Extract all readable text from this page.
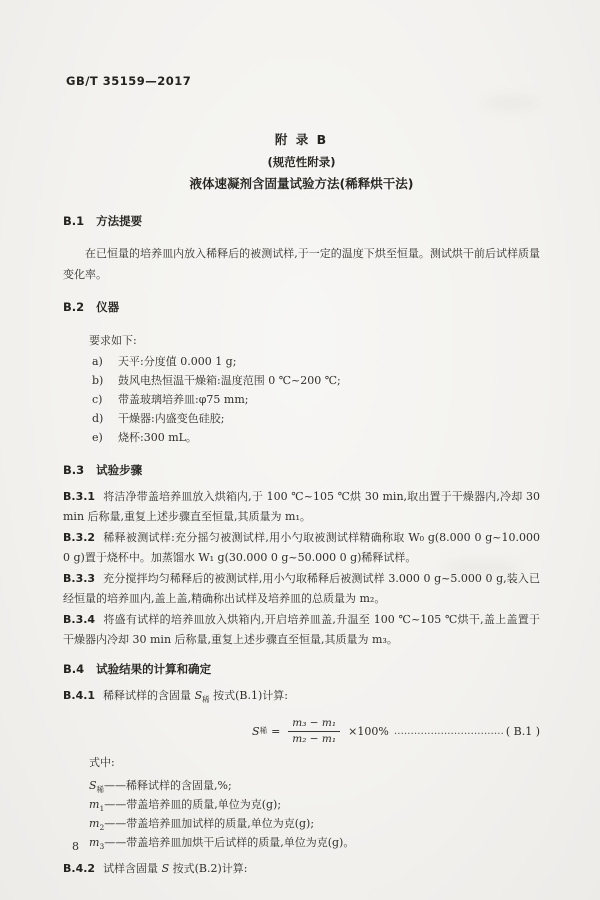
GB/T 35159—2017
附 录 B
(规范性附录)
液体速凝剂含固量试验方法(稀释烘干法)
B.1 方法提要

在已恒量的培养皿内放入稀释后的被测试样,于一定的温度下烘至恒量。测试烘干前后试样质量变化率。

B.2 仪器

要求如下:

a)	天平:分度值 0.000 1 g;
b)	鼓风电热恒温干燥箱:温度范围 0 ℃~200 ℃;
c)	带盖玻璃培养皿:φ75 mm;
d)	干燥器:内盛变色硅胶;
e)	烧杯:300 mL。
B.3 试验步骤

B.3.1 将洁净带盖培养皿放入烘箱内,于 100 ℃~105 ℃烘 30 min,取出置于干燥器内,冷却 30 min 后称量,重复上述步骤直至恒量,其质量为 m₁。

B.3.2 稀释被测试样:充分摇匀被测试样,用小勺取被测试样精确称取 W₀ g(8.000 0 g~10.000 0 g)置于烧杯中。加蒸馏水 W₁ g(30.000 0 g~50.000 0 g)稀释试样。

B.3.3 充分搅拌均匀稀释后的被测试样,用小勺取稀释后被测试样 3.000 0 g~5.000 0 g,装入已经恒量的培养皿内,盖上盖,精确称出试样及培养皿的总质量为 m₂。

B.3.4 将盛有试样的培养皿放入烘箱内,开启培养皿盖,升温至 100 ℃~105 ℃烘干,盖上盖置于干燥器内冷却 30 min 后称量,重复上述步骤直至恒量,其质量为 m₃。

B.4 试验结果的计算和确定

B.4.1 稀释试样的含固量 $S_稀$ 按式(B.1)计算:

S 稀 = $\frac{\text{m₃ − m₁}}{\text{m₂ − m₁}} \times 100\%$ …………………………… ( B.1 )

式中:

$S_稀——$稀释试样的含固量,%;
$m_1——$带盖培养皿的质量,单位为克(g);
$m_2——$带盖培养皿加试样的质量,单位为克(g);
$m_3——$带盖培养皿加烘干后试样的质量,单位为克(g)。

B.4.2 试样含固量 S 按式(B.2)计算:

8
